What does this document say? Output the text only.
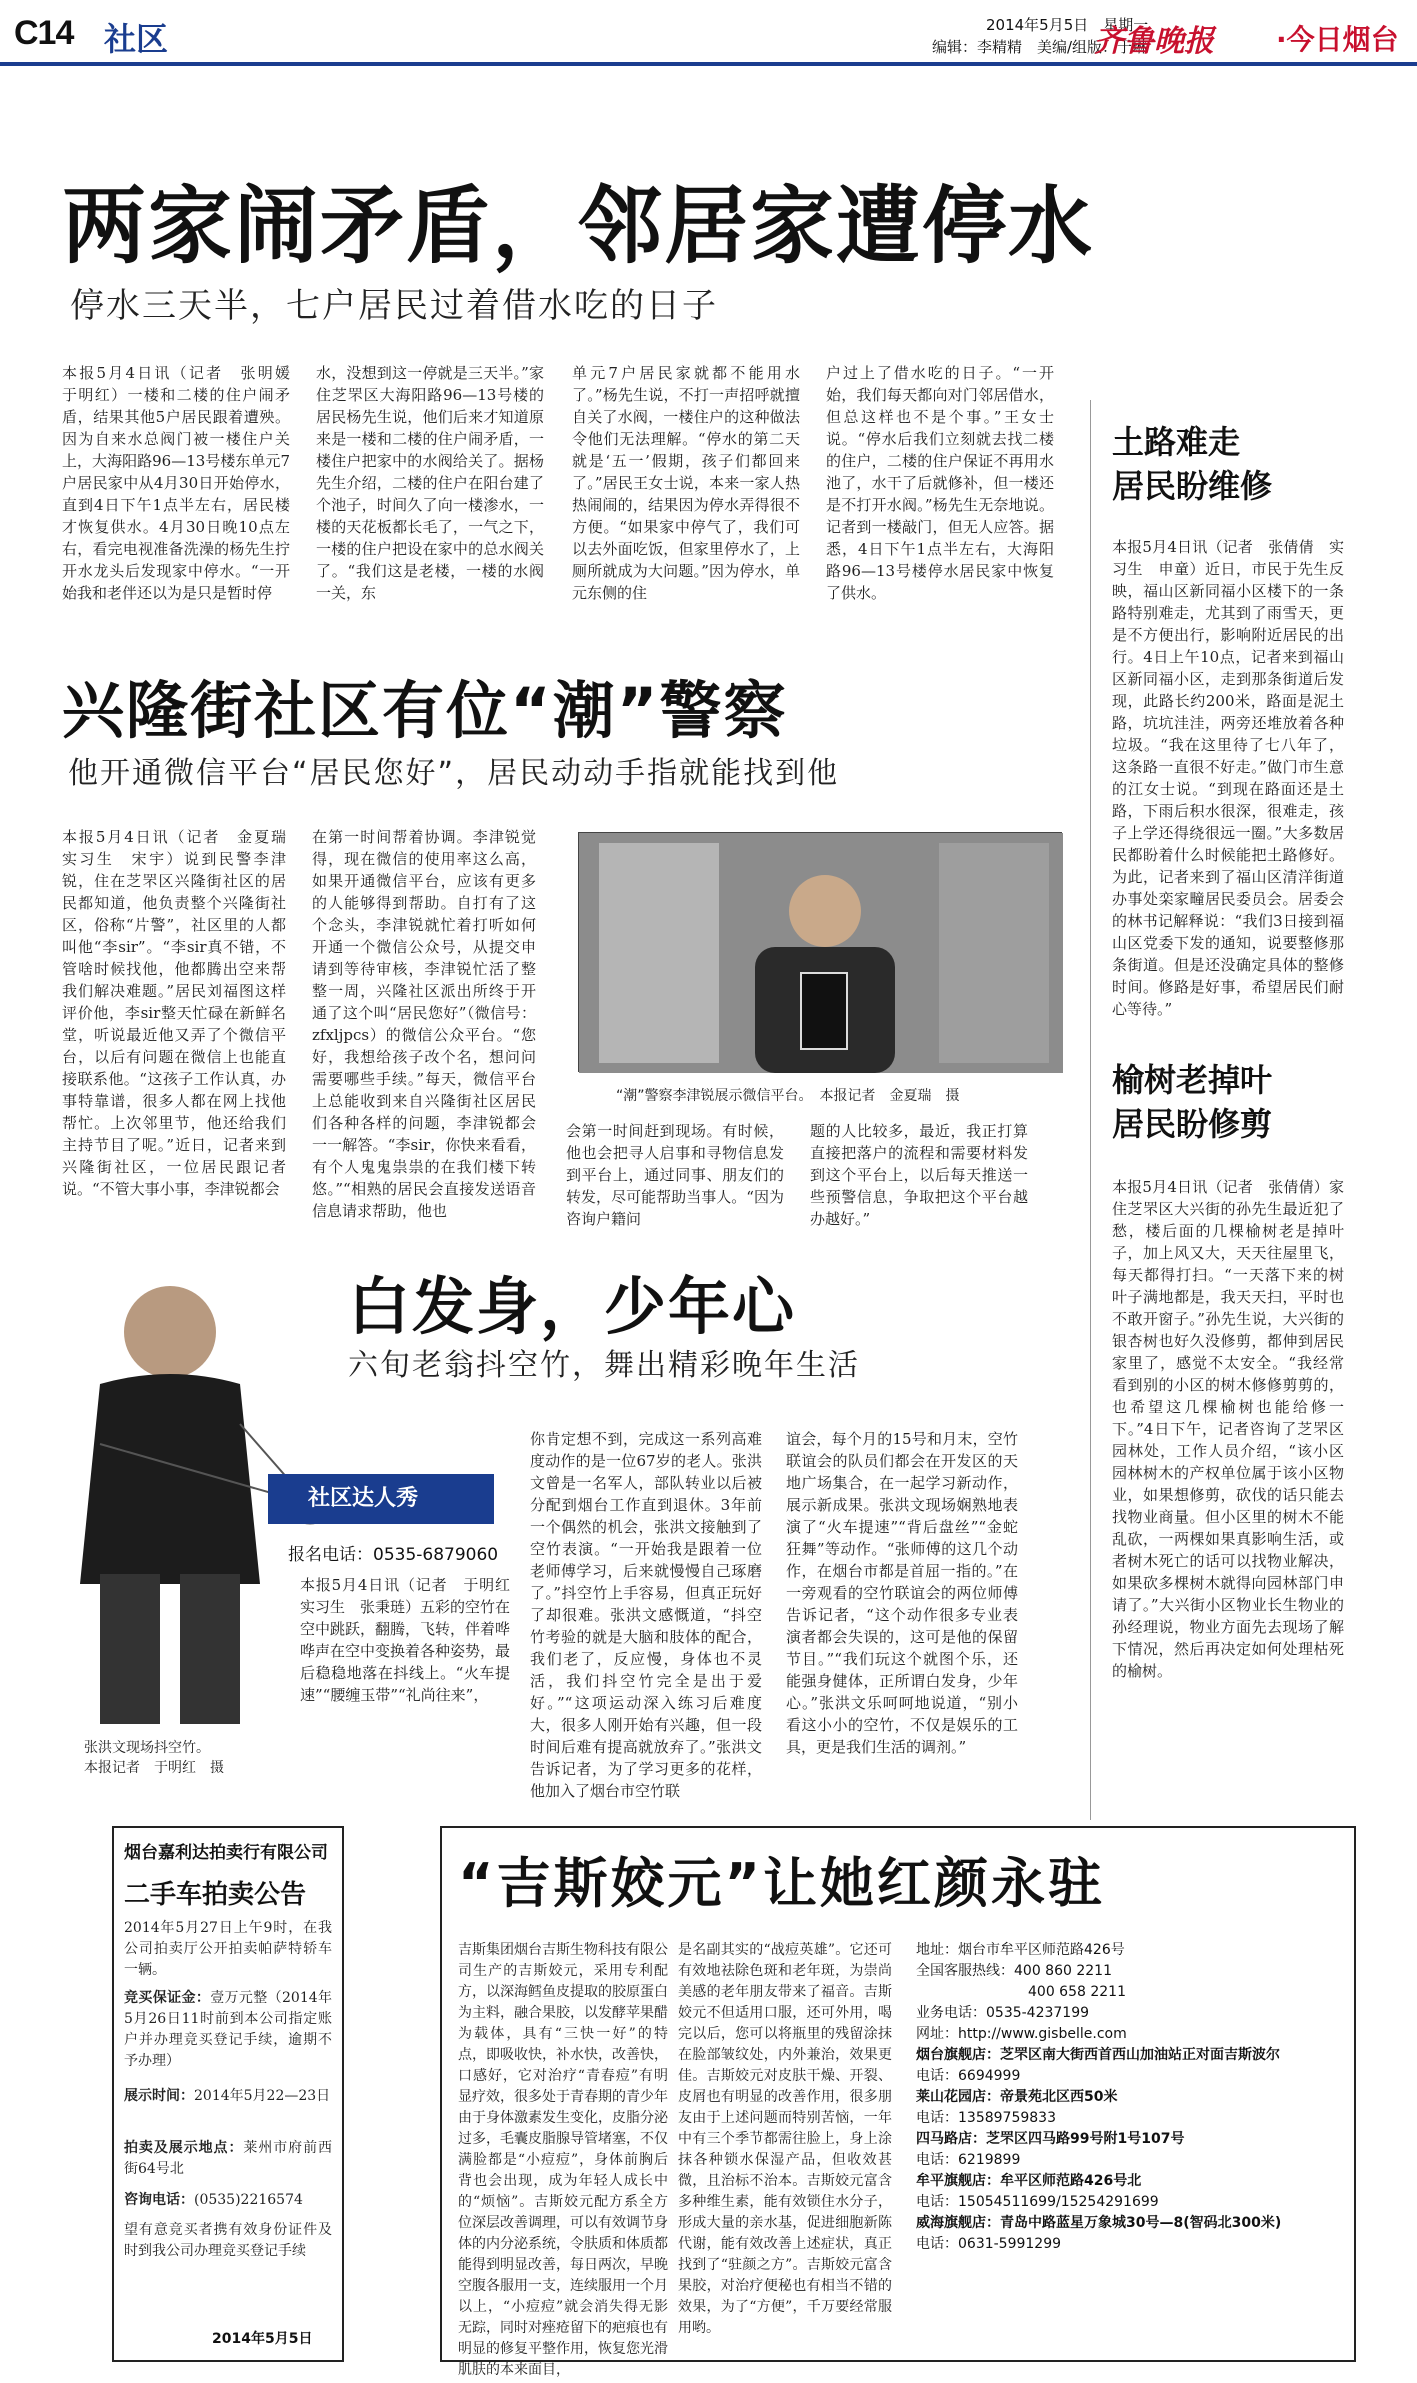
C14 社区	2014年5月5日　星期一
编辑：李精精　美编/组版：于琳
齐鲁晚报 ·今日烟台
两家闹矛盾，邻居家遭停水
停水三天半，七户居民过着借水吃的日子
本报5月4日讯（记者　张明媛　于明红）一楼和二楼的住户闹矛盾，结果其他5户居民跟着遭殃。因为自来水总阀门被一楼住户关上，大海阳路96—13号楼东单元7户居民家中从4月30日开始停水，直到4日下午1点半左右，居民楼才恢复供水。4月30日晚10点左右，看完电视准备洗澡的杨先生拧开水龙头后发现家中停水。“一开始我和老伴还以为是只是暂时停
水，没想到这一停就是三天半。”家住芝罘区大海阳路96—13号楼的居民杨先生说，他们后来才知道原来是一楼和二楼的住户闹矛盾，一楼住户把家中的水阀给关了。据杨先生介绍，二楼的住户在阳台建了个池子，时间久了向一楼渗水，一楼的天花板都长毛了，一气之下，一楼的住户把设在家中的总水阀关了。“我们这是老楼，一楼的水阀一关，东
单元7户居民家就都不能用水了。”杨先生说，不打一声招呼就擅自关了水阀，一楼住户的这种做法令他们无法理解。“停水的第二天就是‘五一’假期，孩子们都回来了。”居民王女士说，本来一家人热热闹闹的，结果因为停水弄得很不方便。“如果家中停气了，我们可以去外面吃饭，但家里停水了，上厕所就成为大问题。”因为停水，单元东侧的住
户过上了借水吃的日子。“一开始，我们每天都向对门邻居借水，但总这样也不是个事。”王女士说。“停水后我们立刻就去找二楼的住户，二楼的住户保证不再用水池了，水干了后就修补，但一楼还是不打开水阀。”杨先生无奈地说。记者到一楼敲门，但无人应答。据悉，4日下午1点半左右，大海阳路96—13号楼停水居民家中恢复了供水。
土路难走
居民盼维修
本报5月4日讯（记者　张倩倩　实习生　申童）近日，市民于先生反映，福山区新同福小区楼下的一条路特别难走，尤其到了雨雪天，更是不方便出行，影响附近居民的出行。4日上午10点，记者来到福山区新同福小区，走到那条街道后发现，此路长约200米，路面是泥土路，坑坑洼洼，两旁还堆放着各种垃圾。“我在这里待了七八年了，这条路一直很不好走。”做门市生意的江女士说。“到现在路面还是土路，下雨后积水很深，很难走，孩子上学还得绕很远一圈。”大多数居民都盼着什么时候能把土路修好。为此，记者来到了福山区清洋街道办事处栾家疃居民委员会。居委会的林书记解释说：“我们3日接到福山区党委下发的通知，说要整修那条街道。但是还没确定具体的整修时间。修路是好事，希望居民们耐心等待。”
榆树老掉叶
居民盼修剪
本报5月4日讯（记者　张倩倩）家住芝罘区大兴街的孙先生最近犯了愁，楼后面的几棵榆树老是掉叶子，加上风又大，天天往屋里飞，每天都得打扫。“一天落下来的树叶子满地都是，我天天扫，平时也不敢开窗子。”孙先生说，大兴街的银杏树也好久没修剪，都伸到居民家里了，感觉不太安全。“我经常看到别的小区的树木修修剪剪的，也希望这几棵榆树也能给修一下。”4日下午，记者咨询了芝罘区园林处，工作人员介绍，“该小区园林树木的产权单位属于该小区物业，如果想修剪，砍伐的话只能去找物业商量。但小区里的树木不能乱砍，一两棵如果真影响生活，或者树木死亡的话可以找物业解决，如果砍多棵树木就得向园林部门申请了。”大兴街小区物业长生物业的孙经理说，物业方面先去现场了解下情况，然后再决定如何处理枯死的榆树。
兴隆街社区有位“潮”警察
他开通微信平台“居民您好”，居民动动手指就能找到他
本报5月4日讯（记者　金夏瑞　实习生　宋宇）说到民警李津锐，住在芝罘区兴隆街社区的居民都知道，他负责整个兴隆街社区，俗称“片警”，社区里的人都叫他“李sir”。“李sir真不错，不管啥时候找他，他都腾出空来帮我们解决难题。”居民刘福图这样评价他，李sir整天忙碌在新鲜名堂，听说最近他又弄了个微信平台，以后有问题在微信上也能直接联系他。“这孩子工作认真，办事特靠谱，很多人都在网上找他帮忙。上次邻里节，他还给我们主持节目了呢。”近日，记者来到兴隆街社区，一位居民跟记者说。“不管大事小事，李津锐都会
在第一时间帮着协调。李津锐觉得，现在微信的使用率这么高，如果开通微信平台，应该有更多的人能够得到帮助。自打有了这个念头，李津锐就忙着打听如何开通一个微信公众号，从提交申请到等待审核，李津锐忙活了整整一周，兴隆社区派出所终于开通了这个叫“居民您好”（微信号：zfxljpcs）的微信公众平台。“您好，我想给孩子改个名，想问问需要哪些手续。”每天，微信平台上总能收到来自兴隆街社区居民们各种各样的问题，李津锐都会一一解答。“李sir，你快来看看，有个人鬼鬼祟祟的在我们楼下转悠。”“相熟的居民会直接发送语音信息请求帮助，他也
“潮”警察李津锐展示微信平台。　本报记者　金夏瑞　摄
会第一时间赶到现场。有时候，他也会把寻人启事和寻物信息发到平台上，通过同事、朋友们的转发，尽可能帮助当事人。“因为咨询户籍问
题的人比较多，最近，我正打算直接把落户的流程和需要材料发到这个平台上，以后每天推送一些预警信息，争取把这个平台越办越好。”
张洪文现场抖空竹。
本报记者　于明红　摄
白发身，少年心
六旬老翁抖空竹，舞出精彩晚年生活
社区达人秀
报名电话：0535-6879060
本报5月4日讯（记者　于明红　实习生　张秉琏）五彩的空竹在空中跳跃，翻腾，飞转，伴着哗哗声在空中变换着各种姿势，最后稳稳地落在抖线上。“火车提速”“腰缠玉带”“礼尚往来”，
你肯定想不到，完成这一系列高难度动作的是一位67岁的老人。张洪文曾是一名军人，部队转业以后被分配到烟台工作直到退休。3年前一个偶然的机会，张洪文接触到了空竹表演。“一开始我是跟着一位老师傅学习，后来就慢慢自己琢磨了。”抖空竹上手容易，但真正玩好了却很难。张洪文感慨道，“抖空竹考验的就是大脑和肢体的配合，我们老了，反应慢，身体也不灵活，我们抖空竹完全是出于爱好。”“这项运动深入练习后难度大，很多人刚开始有兴趣，但一段时间后难有提高就放弃了。”张洪文告诉记者，为了学习更多的花样，他加入了烟台市空竹联
谊会，每个月的15号和月末，空竹联谊会的队员们都会在开发区的天地广场集合，在一起学习新动作，展示新成果。张洪文现场娴熟地表演了“火车提速”“背后盘丝”“金蛇狂舞”等动作。“张师傅的这几个动作，在烟台市都是首屈一指的。”在一旁观看的空竹联谊会的两位师傅告诉记者，“这个动作很多专业表演者都会失误的，这可是他的保留节目。”“我们玩这个就图个乐，还能强身健体，正所谓白发身，少年心。”张洪文乐呵呵地说道，“别小看这小小的空竹，不仅是娱乐的工具，更是我们生活的调剂。”
烟台嘉利达拍卖行有限公司
二手车拍卖公告
2014年5月27日上午9时，在我公司拍卖厅公开拍卖帕萨特轿车一辆。
竞买保证金：壹万元整（2014年5月26日11时前到本公司指定账户并办理竞买登记手续，逾期不予办理）
展示时间：2014年5月22—23日
拍卖及展示地点：莱州市府前西街64号北
咨询电话：(0535)2216574
望有意竞买者携有效身份证件及时到我公司办理竞买登记手续
2014年5月5日
“吉斯姣元”让她红颜永驻
吉斯集团烟台吉斯生物科技有限公司生产的吉斯姣元，采用专利配方，以深海鳕鱼皮提取的胶原蛋白为主料，融合果胶，以发酵苹果醋为载体，具有“三快一好”的特点，即吸收快，补水快，改善快，口感好，它对治疗“青春痘”有明显疗效，很多处于青春期的青少年由于身体激素发生变化，皮脂分泌过多，毛囊皮脂腺导管堵塞，不仅满脸都是“小痘痘”，身体前胸后背也会出现，成为年轻人成长中的“烦恼”。吉斯姣元配方系全方位深层改善调理，可以有效调节身体的内分泌系统，令肤质和体质都能得到明显改善，每日两次，早晚空腹各服用一支，连续服用一个月以上，“小痘痘”就会消失得无影无踪，同时对痤疮留下的疤痕也有明显的修复平整作用，恢复您光滑肌肤的本来面目，
是名副其实的“战痘英雄”。它还可有效地祛除色斑和老年斑，为崇尚美感的老年朋友带来了福音。吉斯姣元不但适用口服，还可外用，喝完以后，您可以将瓶里的残留涂抹在脸部皱纹处，内外兼治，效果更佳。吉斯姣元对皮肤干燥、开裂、皮屑也有明显的改善作用，很多朋友由于上述问题而特别苦恼，一年中有三个季节都需往脸上，身上涂抹各种锁水保湿产品，但收效甚微，且治标不治本。吉斯姣元富含多种维生素，能有效锁住水分子，形成大量的亲水基，促进细胞新陈代谢，能有效改善上述症状，真正找到了“驻颜之方”。吉斯姣元富含果胶，对治疗便秘也有相当不错的效果，为了“方便”，千万要经常服用哟。
地址：烟台市牟平区师范路426号
全国客服热线：400 860 2211
400 658 2211
业务电话：0535-4237199
网址：http://www.gisbelle.com
烟台旗舰店：芝罘区南大街西首西山加油站正对面吉斯波尔
电话：6694999
莱山花园店：帝景苑北区西50米
电话：13589759833
四马路店：芝罘区四马路99号附1号107号
电话：6219899
牟平旗舰店：牟平区师范路426号北
电话：15054511699/15254291699
威海旗舰店：青岛中路蓝星万象城30号—8(智码北300米)
电话：0631-5991299
